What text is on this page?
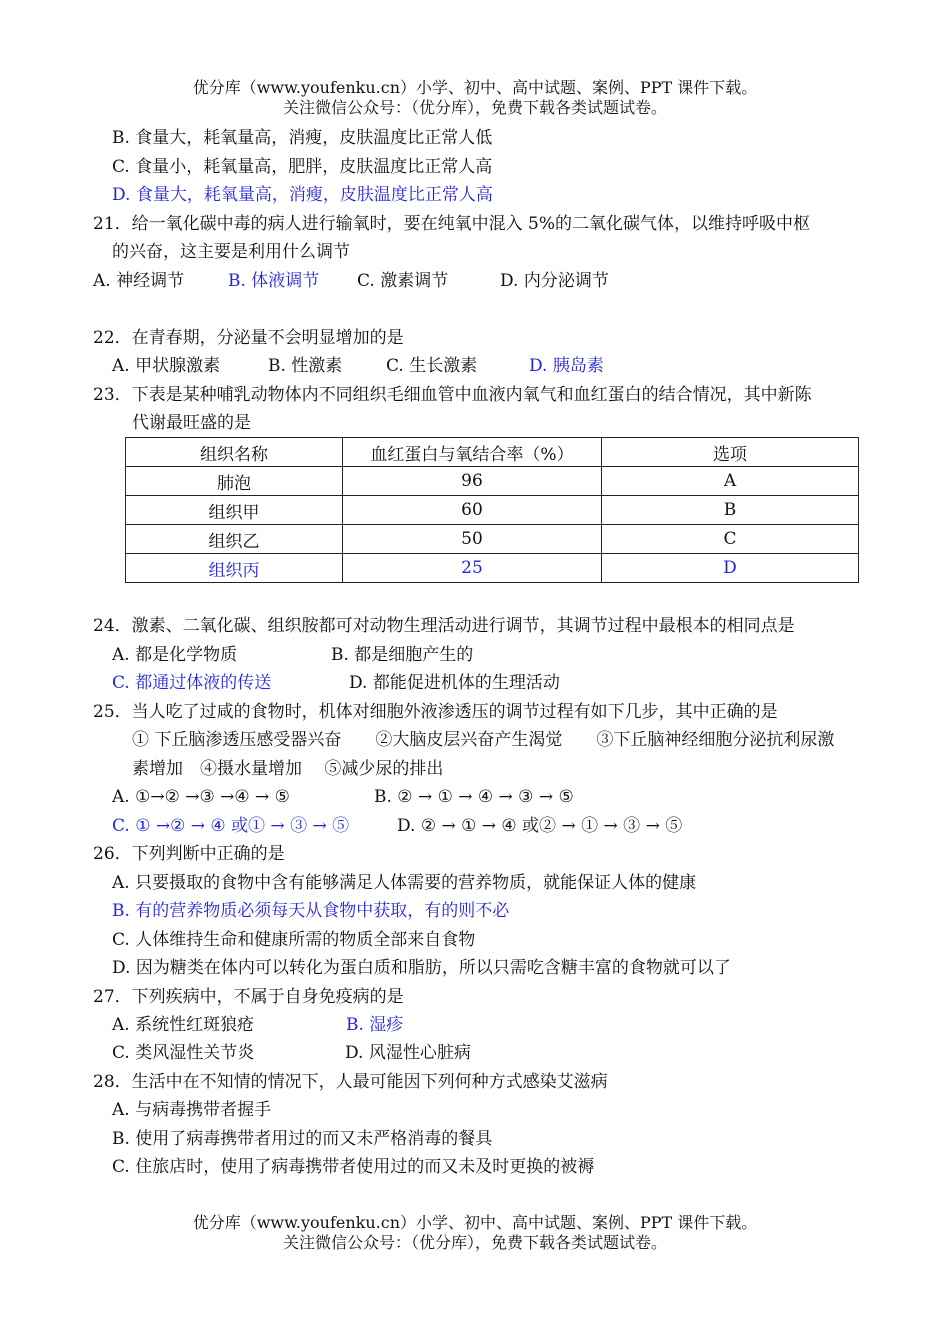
优分库（www.youfenku.cn）小学、初中、高中试题、案例、PPT 课件下载。
关注微信公众号：（优分库），免费下载各类试题试卷。
B. 食量大，耗氧量高，消瘦，皮肤温度比正常人低
C. 食量小，耗氧量高，肥胖，皮肤温度比正常人高
D. 食量大，耗氧量高，消瘦，皮肤温度比正常人高
21．给一氧化碳中毒的病人进行输氧时，要在纯氧中混入 5%的二氧化碳气体，以维持呼吸中枢
的兴奋，这主要是利用什么调节
A. 神经调节	B. 体液调节 C. 激素调节	D. 内分泌调节
22．在青春期，分泌量不会明显增加的是
A. 甲状腺激素	B. 性激素	C. 生长激素	D. 胰岛素
23．下表是某种哺乳动物体内不同组织毛细血管中血液内氧气和血红蛋白的结合情况，其中新陈
代谢最旺盛的是
组织名称	血红蛋白与氧结合率（%）	选项
肺泡	96	A
组织甲	60	B
组织乙	50	C
组织丙	25	D
24．激素、二氧化碳、组织胺都可对动物生理活动进行调节，其调节过程中最根本的相同点是
A. 都是化学物质	B. 都是细胞产生的
C. 都通过体液的传送	D. 都能促进机体的生理活动
25．当人吃了过咸的食物时，机体对细胞外液渗透压的调节过程有如下几步，其中正确的是
① 下丘脑渗透压感受器兴奋　　②大脑皮层兴奋产生渴觉　　③下丘脑神经细胞分泌抗利尿激
素增加　④摄水量增加　 ⑤减少尿的排出
A. ①→② →③ →④ → ⑤	B. ② → ① → ④ → ③ → ⑤
C. ① →② → ④ 或① → ③ → ⑤	D. ② → ① → ④ 或② → ① → ③ → ⑤
26．下列判断中正确的是
A. 只要摄取的食物中含有能够满足人体需要的营养物质，就能保证人体的健康
B. 有的营养物质必须每天从食物中获取，有的则不必
C. 人体维持生命和健康所需的物质全部来自食物
D. 因为糖类在体内可以转化为蛋白质和脂肪，所以只需吃含糖丰富的食物就可以了
27．下列疾病中，不属于自身免疫病的是
A. 系统性红斑狼疮	B. 湿疹
C. 类风湿性关节炎	D. 风湿性心脏病
28．生活中在不知情的情况下，人最可能因下列何种方式感染艾滋病
A. 与病毒携带者握手
B. 使用了病毒携带者用过的而又未严格消毒的餐具
C. 住旅店时，使用了病毒携带者使用过的而又未及时更换的被褥
优分库（www.youfenku.cn）小学、初中、高中试题、案例、PPT 课件下载。
关注微信公众号：（优分库），免费下载各类试题试卷。
